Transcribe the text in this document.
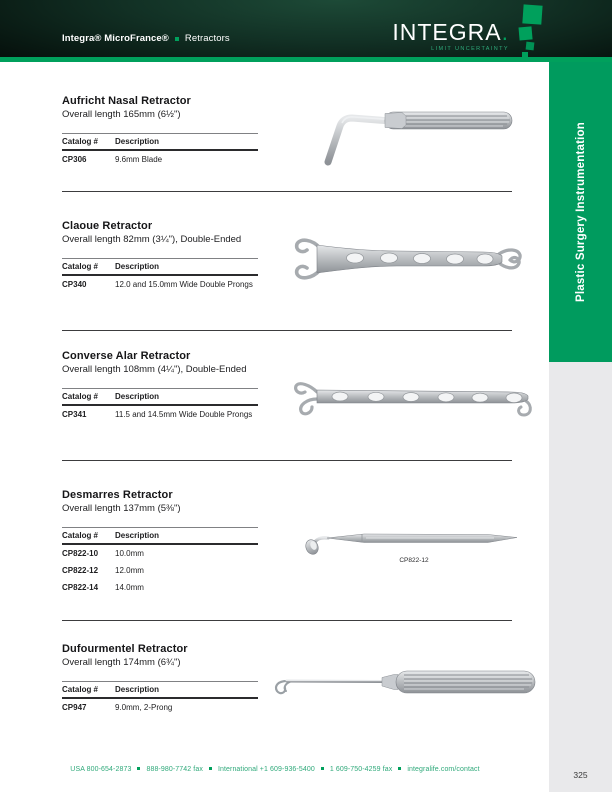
Integra® MicroFrance® Retractors	INTEGRA.
LIMIT UNCERTAINTY
Plastic Surgery Instrumentation
325
Aufricht Nasal Retractor

Overall length 165mm (6½")

Catalog #	Description
CP306	9.6mm Blade
Claoue Retractor

Overall length 82mm (3¼"), Double-Ended

Catalog #	Description
CP340	12.0 and 15.0mm Wide Double Prongs
Converse Alar Retractor

Overall length 108mm (4¼"), Double-Ended

Catalog #	Description
CP341	11.5 and 14.5mm Wide Double Prongs
Desmarres Retractor

Overall length 137mm (5⅜")

Catalog #	Description
CP822-10	10.0mm
CP822-12	12.0mm
CP822-14	14.0mm
CP822-12
Dufourmentel Retractor

Overall length 174mm (6¾")

Catalog #	Description
CP947	9.0mm, 2-Prong
USA 800-654-2873 888-980-7742 fax International +1 609-936-5400 1 609-750-4259 fax integralife.com/contact
